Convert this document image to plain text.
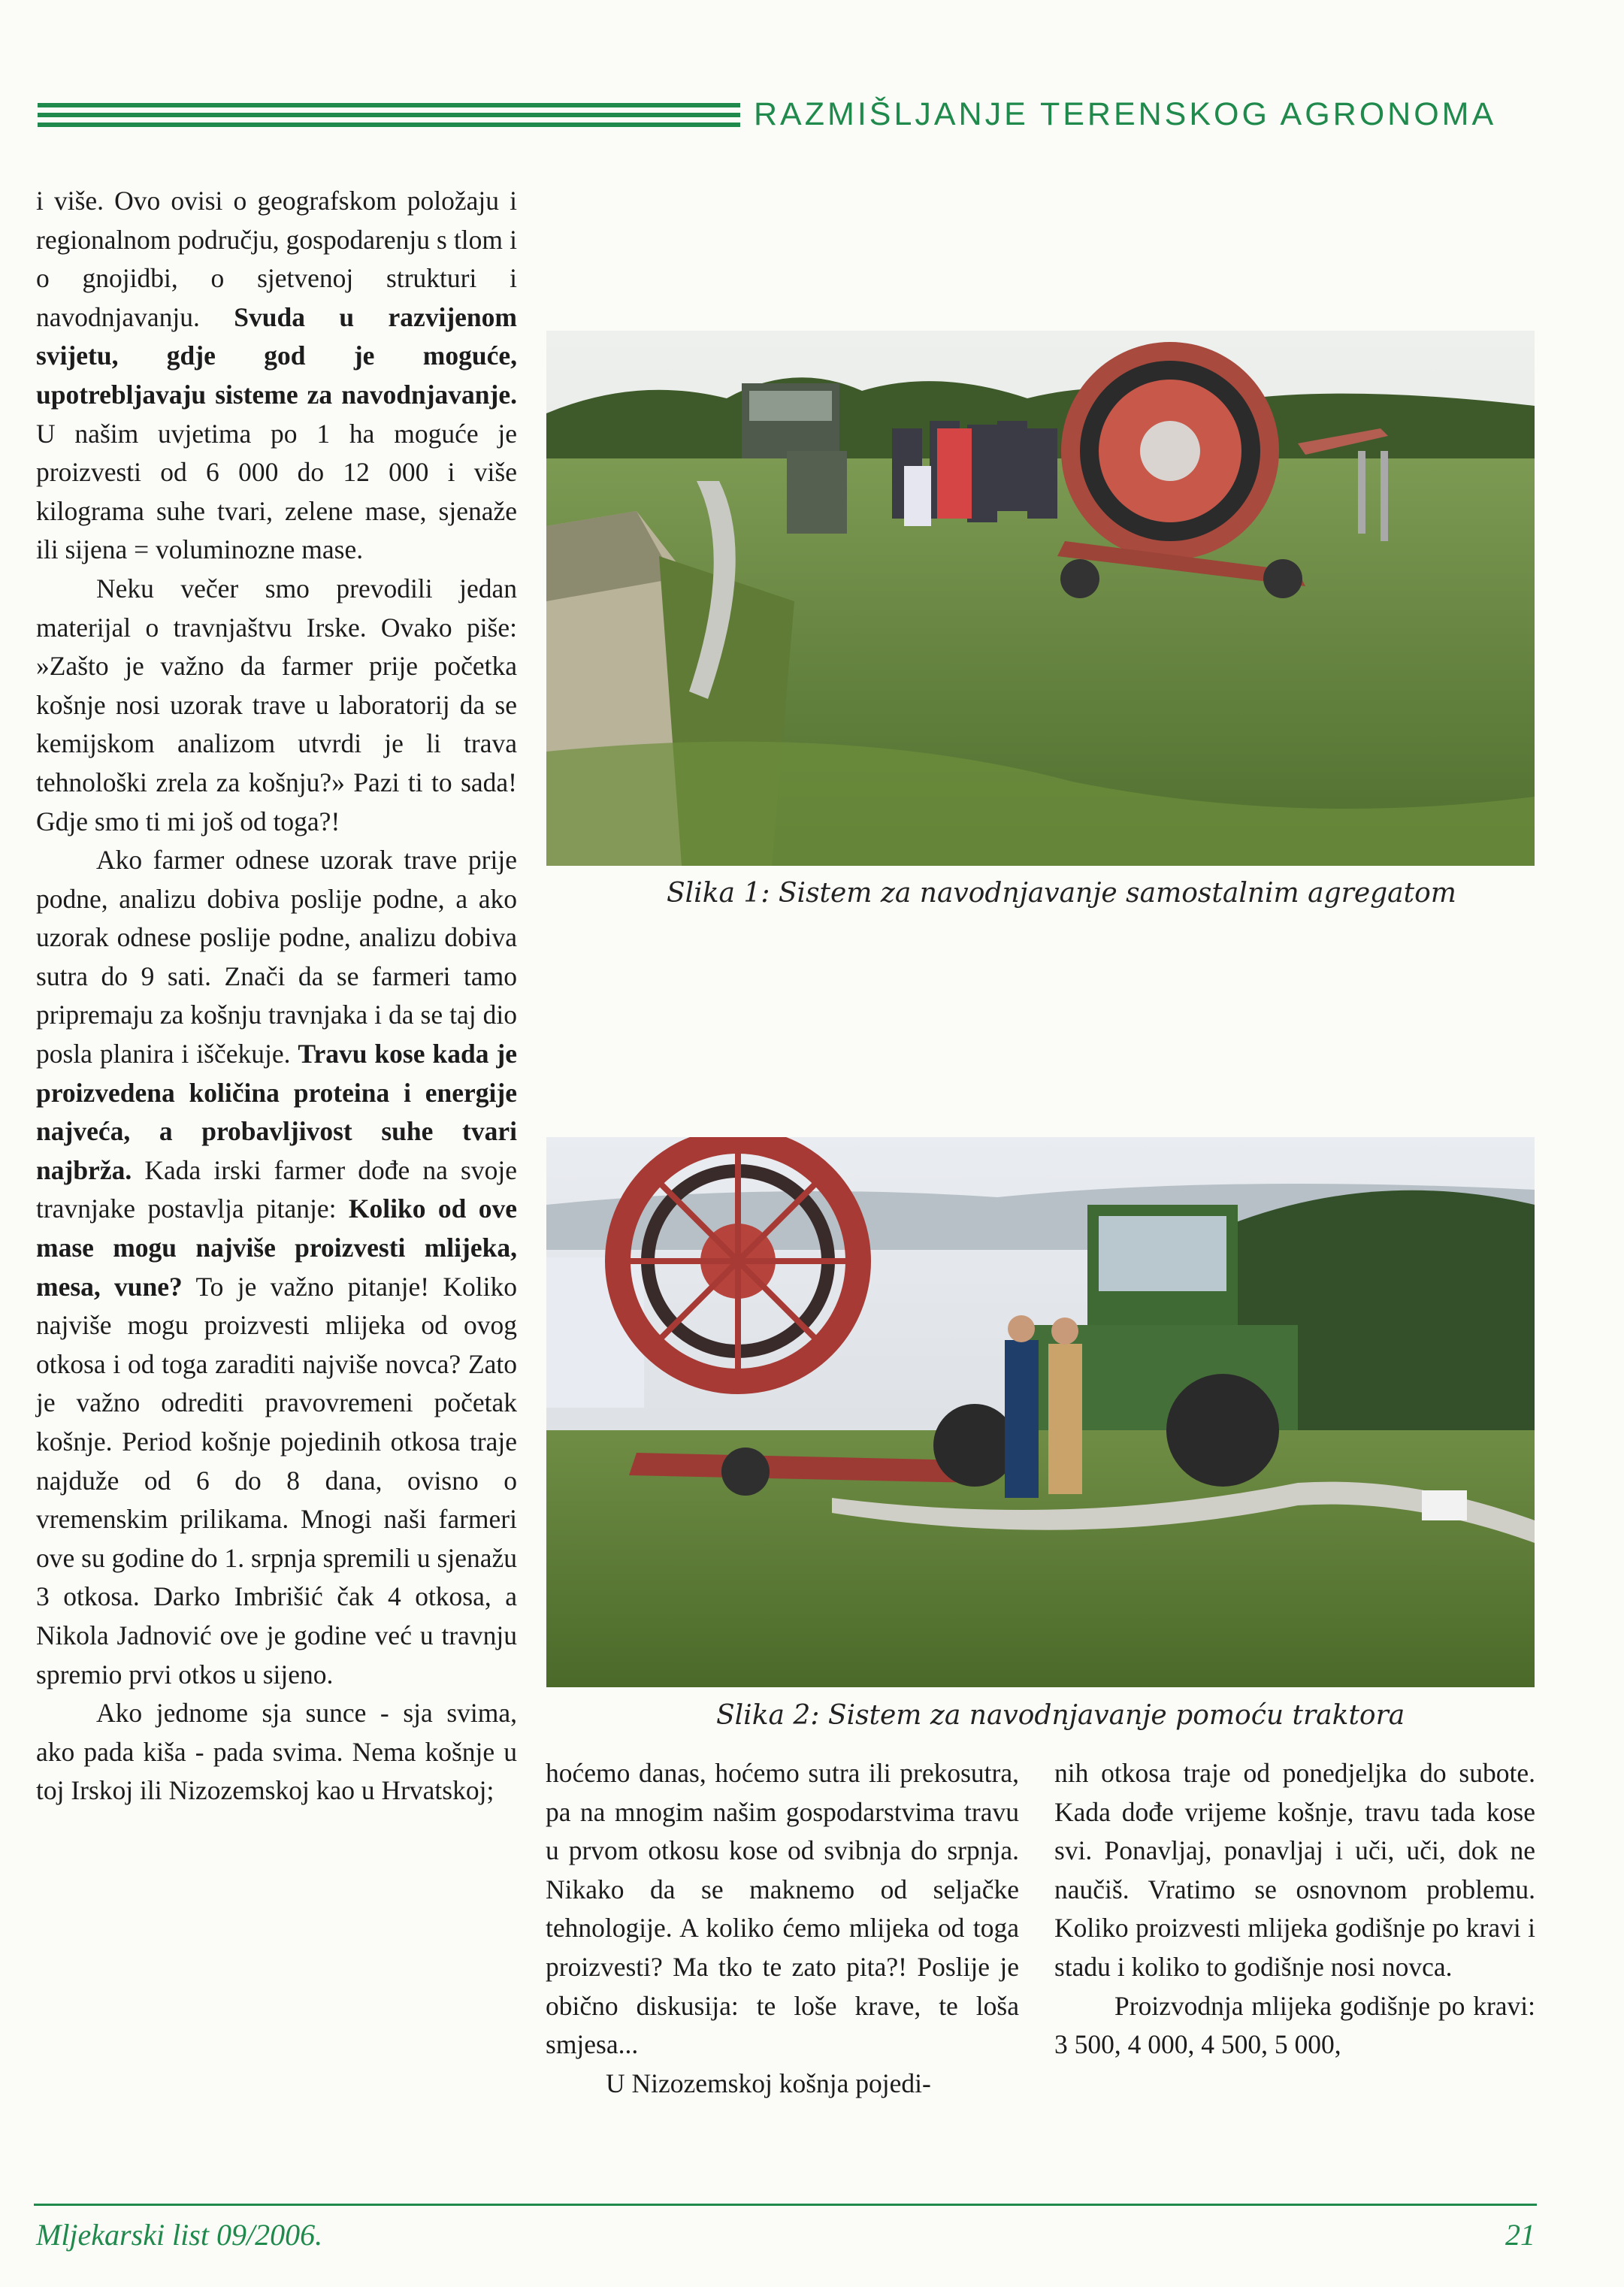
RAZMIŠLJANJE TERENSKOG AGRONOMA

i više. Ovo ovisi o geografskom položaju i regionalnom području, gospodarenju s tlom i o gnojidbi, o sjetvenoj strukturi i navodnjavanju. Svuda u razvijenom svijetu, gdje god je moguće, upotrebljavaju sisteme za navodnjavanje. U našim uvjetima po 1 ha moguće je proizvesti od 6 000 do 12 000 i više kilograma suhe tvari, zelene mase, sjenaže ili sijena = voluminozne mase.

Neku večer smo prevodili jedan materijal o travnjaštvu Irske. Ovako piše: »Zašto je važno da farmer prije početka košnje nosi uzorak trave u laboratorij da se kemijskom analizom utvrdi je li trava tehnološki zrela za košnju?» Pazi ti to sada! Gdje smo ti mi još od toga?!

Ako farmer odnese uzorak trave prije podne, analizu dobiva poslije podne, a ako uzorak odnese poslije podne, analizu dobiva sutra do 9 sati. Znači da se farmeri tamo pripremaju za košnju travnjaka i da se taj dio posla planira i iščekuje. Travu kose kada je proizvedena količina proteina i energije najveća, a probavljivost suhe tvari najbrža. Kada irski farmer dođe na svoje travnjake postavlja pitanje: Koliko od ove mase mogu najviše proizvesti mlijeka, mesa, vune? To je važno pitanje! Koliko najviše mogu proizvesti mlijeka od ovog otkosa i od toga zaraditi najviše novca? Zato je važno odrediti pravovremeni početak košnje. Period košnje pojedinih otkosa traje najduže od 6 do 8 dana, ovisno o vremenskim prilikama. Mnogi naši farmeri ove su godine do 1. srpnja spremili u sjenažu 3 otkosa. Darko Imbrišić čak 4 otkosa, a Nikola Jadnović ove je godine već u travnju spremio prvi otkos u sijeno.

Ako jednome sja sunce - sja svima, ako pada kiša - pada svima. Nema košnje u toj Irskoj ili Nizozemskoj kao u Hrvatskoj;

Slika 1: Sistem za navodnjavanje samostalnim agregatom
Slika 2: Sistem za navodnjavanje pomoću traktora

hoćemo danas, hoćemo sutra ili prekosutra, pa na mnogim našim gospodarstvima travu u prvom otkosu kose od svibnja do srpnja. Nikako da se maknemo od seljačke tehnologije. A koliko ćemo mlijeka od toga proizvesti? Ma tko te zato pita?! Poslije je obično diskusija: te loše krave, te loša smjesa...

U Nizozemskoj košnja pojedi-

nih otkosa traje od ponedjeljka do subote. Kada dođe vrijeme košnje, travu tada kose svi. Ponavljaj, ponavljaj i uči, uči, dok ne naučiš. Vratimo se osnovnom problemu. Koliko proizvesti mlijeka godišnje po kravi i stadu i koliko to godišnje nosi novca.

Proizvodnja mlijeka godišnje po kravi: 3 500, 4 000, 4 500, 5 000,

Mljekarski list 09/2006.	21
